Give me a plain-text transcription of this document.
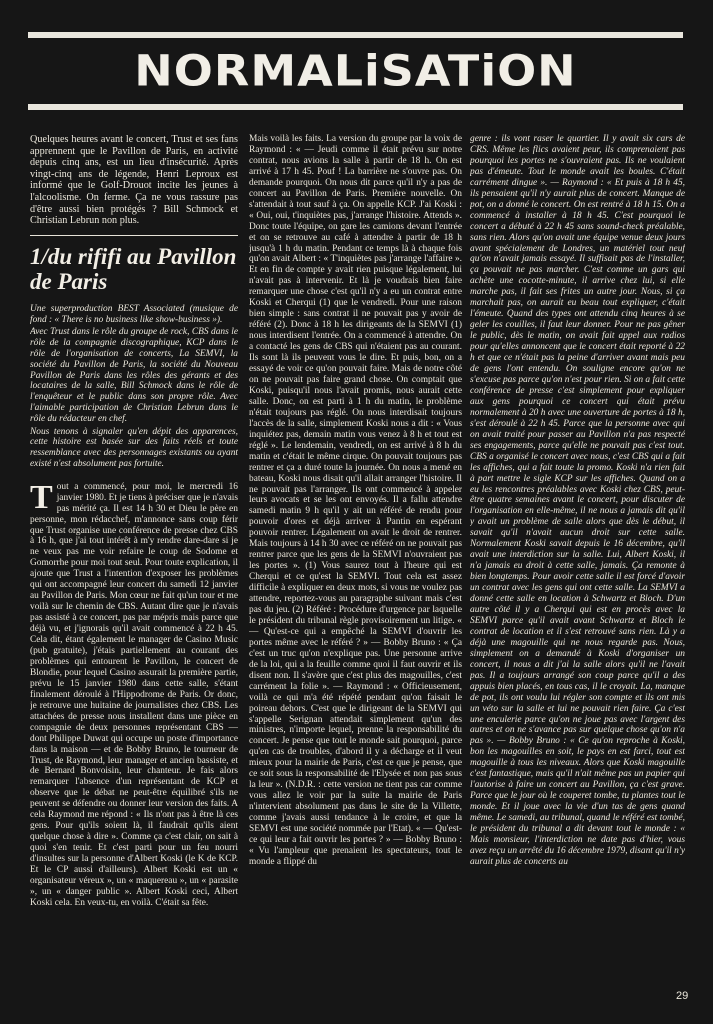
NORMALiSATiON

Quelques heures avant le concert, Trust et ses fans apprennent que le Pavillon de Paris, en activité depuis cinq ans, est un lieu d'insécurité. Après vingt-cinq ans de légende, Henri Leproux est informé que le Golf-Drouot incite les jeunes à l'alcoolisme. On ferme. Ça ne vous rassure pas d'être aussi bien protégés ? Bill Schmock et Christian Lebrun non plus.

1/du rififi au Pavillon de Paris

Une superproduction BEST Associated (musique de fond : « There is no business like show-business »).

Avec Trust dans le rôle du groupe de rock, CBS dans le rôle de la compagnie discographique, KCP dans le rôle de l'organisation de concerts, La SEMVI, la société du Pavillon de Paris, la société du Nouveau Pavillon de Paris dans les rôles des gérants et des locataires de la salle, Bill Schmock dans le rôle de l'enquêteur et le public dans son propre rôle. Avec l'aimable participation de Christian Lebrun dans le rôle du rédacteur en chef.

Nous tenons à signaler qu'en dépit des apparences, cette histoire est basée sur des faits réels et toute ressemblance avec des personnages existants ou ayant existé n'est absolument pas fortuite.

Tout a commencé, pour moi, le mercredi 16 janvier 1980. Et je tiens à préciser que je n'avais pas mérité ça. Il est 14 h 30 et Dieu le père en personne, mon rédacchef, m'annonce sans coup férir que Trust organise une conférence de presse chez CBS à 16 h, que j'ai tout intérêt à m'y rendre dare-dare si je ne veux pas me voir refaire le coup de Sodome et Gomorrhe pour moi tout seul. Pour toute explication, il ajoute que Trust a l'intention d'exposer les problèmes qui ont accompagné leur concert du samedi 12 janvier au Pavillon de Paris. Mon cœur ne fait qu'un tour et me voilà sur le chemin de CBS. Autant dire que je n'avais pas assisté à ce concert, pas par mépris mais parce que déjà vu, et j'ignorais qu'il avait commencé à 22 h 45. Cela dit, étant également le manager de Casino Music (pub gratuite), j'étais partiellement au courant des problèmes qui entourent le Pavillon, le concert de Blondie, pour lequel Casino assurait la première partie, prévu le 15 janvier 1980 dans cette salle, s'étant finalement déroulé à l'Hippodrome de Paris. Or donc, je retrouve une huitaine de journalistes chez CBS. Les attachées de presse nous installent dans une pièce en compagnie de deux personnes représentant CBS — dont Philippe Duwat qui occupe un poste d'importance dans la maison — et de Bobby Bruno, le tourneur de Trust, de Raymond, leur manager et ancien bassiste, et de Bernard Bonvoisin, leur chanteur. Je fais alors remarquer l'absence d'un représentant de KCP et observe que le débat ne peut-être équilibré s'ils ne peuvent se défendre ou donner leur version des faits. A cela Raymond me répond : « Ils n'ont pas à être là ces gens. Pour qu'ils soient là, il faudrait qu'ils aient quelque chose à dire ». Comme ça c'est clair, on sait à quoi s'en tenir. Et c'est parti pour un feu nourri d'insultes sur la personne d'Albert Koski (le K de KCP. Et le CP aussi d'ailleurs). Albert Koski est un « organisateur véreux », un « maquereau », un « parasite », un « danger public ». Albert Koski ceci, Albert Koski cela. En veux-tu, en voilà. C'était sa fête.

Mais voilà les faits. La version du groupe par la voix de Raymond : « — Jeudi comme il était prévu sur notre contrat, nous avions la salle à partir de 18 h. On est arrivé à 17 h 45. Pouf ! La barrière ne s'ouvre pas. On demande pourquoi. On nous dit parce qu'il n'y a pas de concert au Pavillon de Paris. Première nouvelle. On s'attendait à tout sauf à ça. On appelle KCP. J'ai Koski : « Oui, oui, t'inquiètes pas, j'arrange l'histoire. Attends ». Donc toute l'équipe, on gare les camions devant l'entrée et on se retrouve au café à attendre à partir de 18 h jusqu'à 1 h du matin. Pendant ce temps là à chaque fois qu'on avait Albert : « T'inquiètes pas j'arrange l'affaire ». Et en fin de compte y avait rien puisque légalement, lui n'avait pas à intervenir. Et là je voudrais bien faire remarquer une chose c'est qu'il n'y a eu un contrat entre Koski et Cherqui (1) que le vendredi. Pour une raison bien simple : sans contrat il ne pouvait pas y avoir de référé (2). Donc à 18 h les dirigeants de la SEMVI (1) nous interdisent l'entrée. On a commencé à attendre. On a contacté les gens de CBS qui n'étaient pas au courant. Ils sont là ils peuvent vous le dire. Et puis, bon, on a essayé de voir ce qu'on pouvait faire. Mais de notre côté on ne pouvait pas faire grand chose. On comptait que Koski, puisqu'il nous l'avait promis, nous aurait cette salle. Donc, on est parti à 1 h du matin, le problème n'était toujours pas réglé. On nous interdisait toujours l'accès de la salle, simplement Koski nous a dit : « Vous inquiétez pas, demain matin vous venez à 8 h et tout est réglé ». Le lendemain, vendredi, on est arrivé à 8 h du matin et c'était le même cirque. On pouvait toujours pas rentrer et ça a duré toute la journée. On nous a mené en bateau, Koski nous disait qu'il allait arranger l'histoire. Il ne pouvait pas l'arranger. Ils ont commencé à appeler leurs avocats et se les ont envoyés. Il a fallu attendre samedi matin 9 h qu'il y ait un référé de rendu pour pouvoir d'ores et déjà arriver à Pantin en espérant pouvoir rentrer. Légalement on avait le droit de rentrer. Mais toujours à 14 h 30 avec ce référé on ne pouvait pas rentrer parce que les gens de la SEMVI n'ouvraient pas les portes ». (1) Vous saurez tout à l'heure qui est Cherqui et ce qu'est la SEMVI. Tout cela est assez difficile à expliquer en deux mots, si vous ne voulez pas attendre, reportez-vous au paragraphe suivant mais c'est pas du jeu. (2) Référé : Procédure d'urgence par laquelle le président du tribunal règle provisoirement un litige. « — Qu'est-ce qui a empêché la SEMVI d'ouvrir les portes même avec le référé ? » — Bobby Bruno : « Ça c'est un truc qu'on n'explique pas. Une personne arrive de la loi, qui a la feuille comme quoi il faut ouvrir et ils disent non. Il s'avère que c'est plus des magouilles, c'est carrément la folie ». — Raymond : « Officieusement, voilà ce qui m'a été répété pendant qu'on faisait le poireau dehors. C'est que le dirigeant de la SEMVI qui s'appelle Serignan attendait simplement qu'un des ministres, n'importe lequel, prenne la responsabilité du concert. Je pense que tout le monde sait pourquoi, parce qu'en cas de troubles, d'abord il y a décharge et il veut mieux pour la mairie de Paris, c'est ce que je pense, que ce soit sous la responsabilité de l'Elysée et non pas sous la leur ». (N.D.R. : cette version ne tient pas car comme vous allez le voir par la suite la mairie de Paris n'intervient absolument pas dans le site de la Villette, comme j'avais aussi tendance à le croire, et que la SEMVI est une société nommée par l'Etat). « — Qu'est-ce qui leur a fait ouvrir les portes ? » — Bobby Bruno : « Vu l'ampleur que prenaient les spectateurs, tout le monde a flippé du

genre : ils vont raser le quartier. Il y avait six cars de CRS. Même les flics avaient peur, ils comprenaient pas pourquoi les portes ne s'ouvraient pas. Ils ne voulaient pas d'émeute. Tout le monde avait les boules. C'était carrément dingue ». — Raymond : « Et puis à 18 h 45, ils pensaient qu'il n'y aurait plus de concert. Manque de pot, on a donné le concert. On est rentré à 18 h 15. On a commencé à installer à 18 h 45. C'est pourquoi le concert a débuté à 22 h 45 sans sound-check préalable, sans rien. Alors qu'on avait une équipe venue deux jours avant spécialement de Londres, un matériel tout neuf qu'on n'avait jamais essayé. Il suffisait pas de l'installer, ça pouvait ne pas marcher. C'est comme un gars qui achète une cocotte-minute, il arrive chez lui, si elle marche pas, il fait ses frites un autre jour. Nous, si ça marchait pas, on aurait eu beau tout expliquer, c'était l'émeute. Quand des types ont attendu cinq heures à se geler les couilles, il faut leur donner. Pour ne pas gêner le public, dès le matin, on avait fait appel aux radios pour qu'elles annoncent que le concert était reporté à 22 h et que ce n'était pas la peine d'arriver avant mais peu de gens l'ont entendu. On souligne encore qu'on ne s'excuse pas parce qu'on n'est pour rien. Si on a fait cette conférence de presse c'est simplement pour expliquer aux gens pourquoi ce concert qui était prévu normalement à 20 h avec une ouverture de portes à 18 h, s'est déroulé à 22 h 45. Parce que la personne avec qui on avait traité pour passer au Pavillon n'a pas respecté ses engagements, parce qu'elle ne pouvait pas c'est tout. CBS a organisé le concert avec nous, c'est CBS qui a fait les affiches, qui a fait toute la promo. Koski n'a rien fait à part mettre le sigle KCP sur les affiches. Quand on a eu les rencontres préalables avec Koski chez CBS, peut-être quatre semaines avant le concert, pour discuter de l'organisation en elle-même, il ne nous a jamais dit qu'il y avait un problème de salle alors que dès le début, il savait qu'il n'avait aucun droit sur cette salle. Normalement Koski savait depuis le 16 décembre, qu'il avait une interdiction sur la salle. Lui, Albert Koski, il n'a jamais eu droit à cette salle, jamais. Ça remonte à bien longtemps. Pour avoir cette salle il est forcé d'avoir un contrat avec les gens qui ont cette salle. La SEMVI a donné cette salle en location à Schwartz et Bloch. D'un autre côté il y a Cherqui qui est en procès avec la SEMVI parce qu'il avait avant Schwartz et Bloch le contrat de location et il s'est retrouvé sans rien. Là y a déjà une magouille qui ne nous regarde pas. Nous, simplement on a demandé à Koski d'organiser un concert, il nous a dit j'ai la salle alors qu'il ne l'avait pas. Il a toujours arrangé son coup parce qu'il a des appuis bien placés, en tous cas, il le croyait. La, manque de pot, ils ont voulu lui régler son compte et ils ont mis un véto sur la salle et lui ne pouvait rien faire. Ça c'est une enculerie parce qu'on ne joue pas avec l'argent des autres et on ne s'avance pas sur quelque chose qu'on n'a pas ». — Bobby Bruno : « Ce qu'on reproche à Koski, bon les magouilles en soit, le pays en est farci, tout est magouille à tous les niveaux. Alors que Koski magouille c'est fantastique, mais qu'il n'ait même pas un papier qui l'autorise à faire un concert au Pavillon, ça c'est grave. Parce que le jour où le couperet tombe, tu plantes tout le monde. Et il joue avec la vie d'un tas de gens quand même. Le samedi, au tribunal, quand le référé est tombé, le président du tribunal a dit devant tout le monde : « Mais monsieur, l'interdiction ne date pas d'hier, vous avez reçu un arrêté du 16 décembre 1979, disant qu'il n'y aurait plus de concerts au

29
